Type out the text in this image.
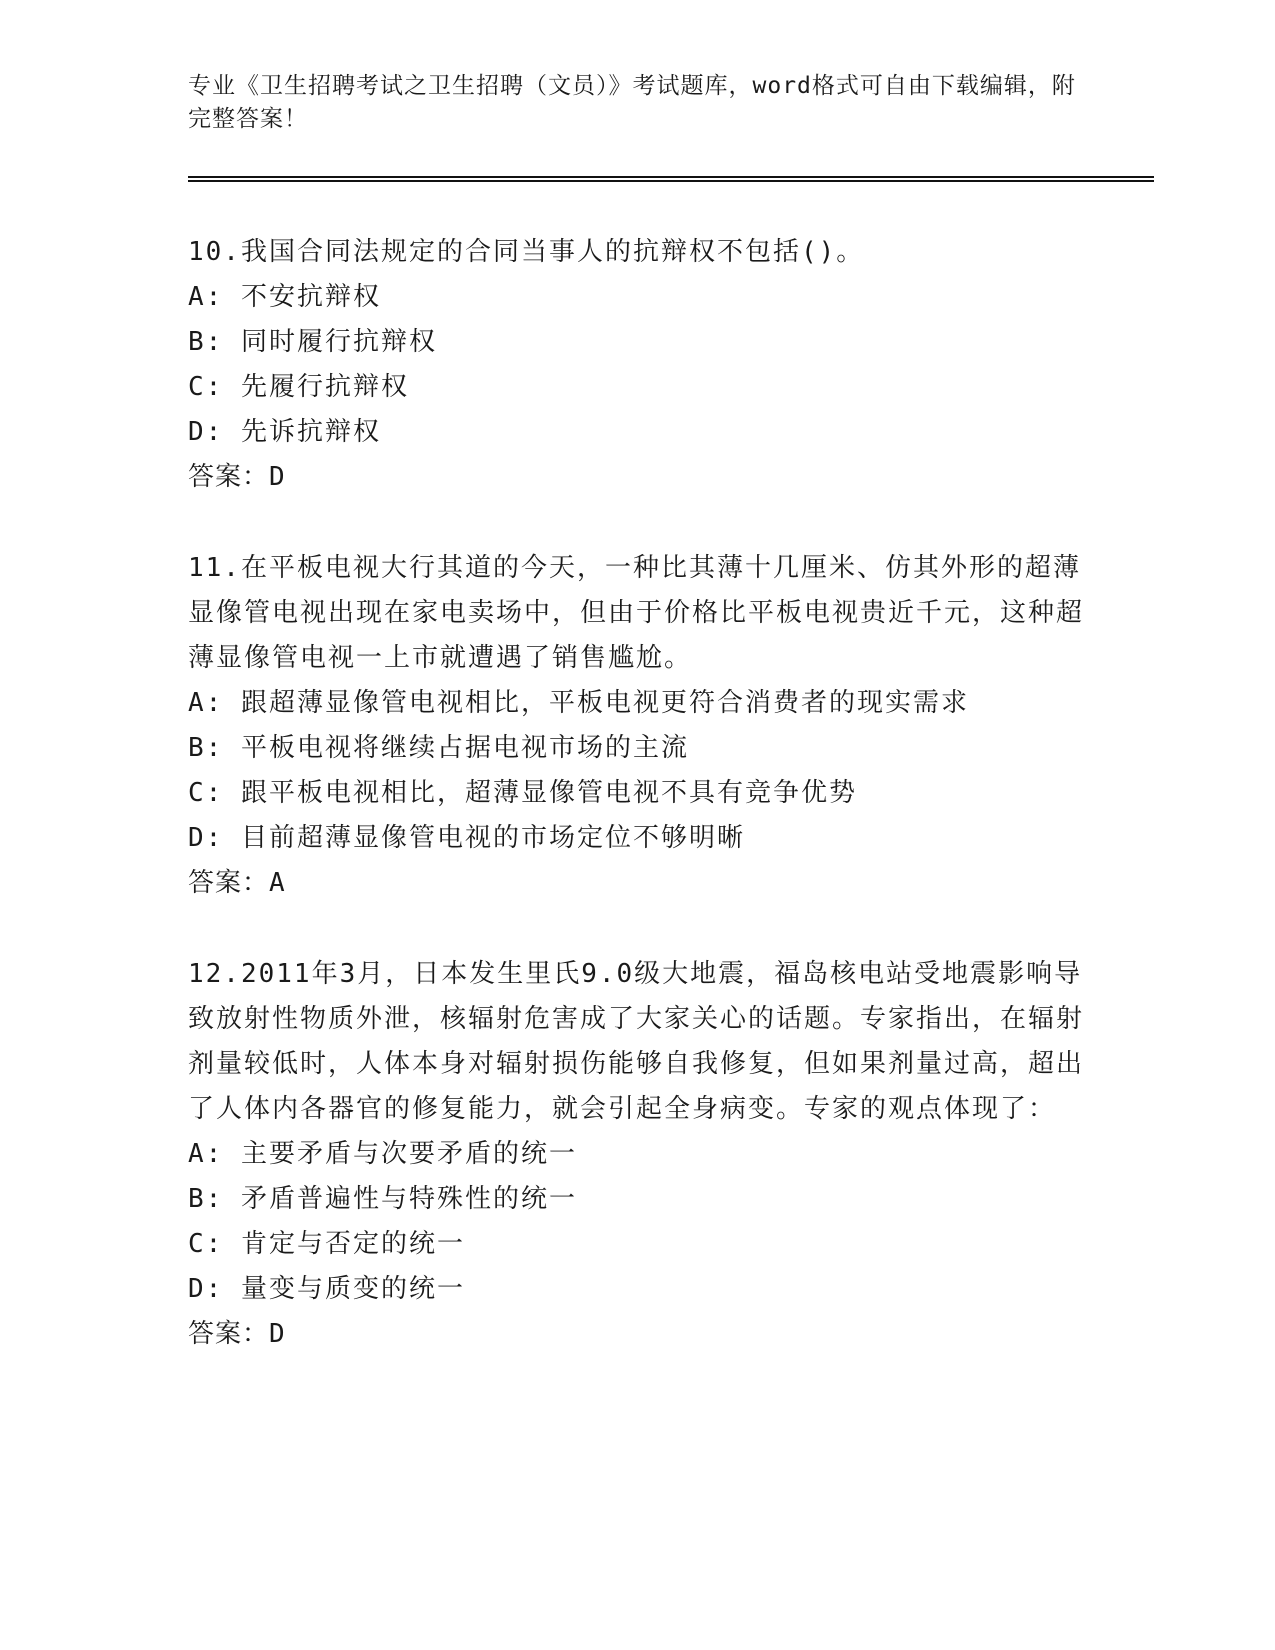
专业《卫生招聘考试之卫生招聘（文员）》考试题库，word格式可自由下载编辑，附完整答案！

10.我国合同法规定的合同当事人的抗辩权不包括()。

A: 不安抗辩权

B: 同时履行抗辩权

C: 先履行抗辩权

D: 先诉抗辩权

答案：D

11.在平板电视大行其道的今天，一种比其薄十几厘米、仿其外形的超薄显像管电视出现在家电卖场中，但由于价格比平板电视贵近千元，这种超薄显像管电视一上市就遭遇了销售尴尬。

A: 跟超薄显像管电视相比，平板电视更符合消费者的现实需求

B: 平板电视将继续占据电视市场的主流

C: 跟平板电视相比，超薄显像管电视不具有竞争优势

D: 目前超薄显像管电视的市场定位不够明晰

答案：A

12.2011年3月，日本发生里氏9.0级大地震，福岛核电站受地震影响导致放射性物质外泄，核辐射危害成了大家关心的话题。专家指出，在辐射剂量较低时，人体本身对辐射损伤能够自我修复，但如果剂量过高，超出了人体内各器官的修复能力，就会引起全身病变。专家的观点体现了：

A: 主要矛盾与次要矛盾的统一

B: 矛盾普遍性与特殊性的统一

C: 肯定与否定的统一

D: 量变与质变的统一

答案：D
